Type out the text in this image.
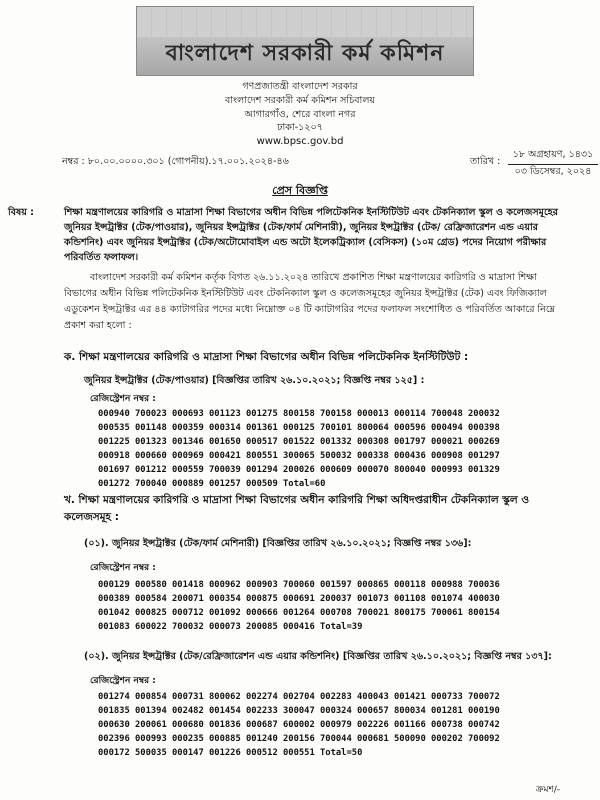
বাংলাদেশ সরকারী কর্ম কমিশন
গণপ্রজাতন্ত্রী বাংলাদেশ সরকার
বাংলাদেশ সরকারী কর্ম কমিশন সচিবালয়
আগারগাঁও, শেরে বাংলা নগর
ঢাকা-১২০৭
www.bpsc.gov.bd
নম্বর : ৮০.০০.০০০০.৩০১ (গোপনীয়).১৭.০০১.২০২৪-৪৬	তারিখ :
১৮ অগ্রহায়ণ, ১৪৩১
০৩ ডিসেম্বর, ২০২৪
প্রেস বিজ্ঞপ্তি
বিষয় :	শিক্ষা মন্ত্রণালয়ের কারিগরি ও মাদ্রাসা শিক্ষা বিভাগের অধীন বিভিন্ন পলিটেকনিক ইনস্টিটিউট এবং টেকনিক্যাল স্কুল ও কলেজসমূহের জুনিয়র ইন্সট্রাক্টর (টেক/পাওয়ার), জুনিয়র ইন্সট্রাক্টর (টেক/ফার্ম মেশিনারী), জুনিয়র ইন্সট্রাক্টর (টেক/ রেফ্রিজারেশন এন্ড এয়ার কন্ডিশনিং) এবং জুনিয়র ইন্সট্রাক্টর (টেক/অটোমোবাইল এন্ড অটো ইলেকট্রিক্যাল (বেসিকস) (১০ম গ্রেড) পদের নিয়োগ পরীক্ষার পরিবর্তিত ফলাফল।
বাংলাদেশ সরকারী কর্ম কমিশন কর্তৃক বিগত ২৬.১১.২০২৪ তারিখে প্রকাশিত শিক্ষা মন্ত্রণালয়ের কারিগরি ও মাদ্রাসা শিক্ষা বিভাগের অধীন বিভিন্ন পলিটেকনিক ইনস্টিটিউট এবং টেকনিক্যাল স্কুল ও কলেজসমূহের জুনিয়র ইন্সট্রাক্টর (টেক) এবং ফিজিক্যাল এডুকেশন ইন্সট্রাক্টর এর ৪৪ ক্যাটাগরির পদের মধ্যে নিম্নোক্ত ০৪ টি ক্যাটাগরির পদের ফলাফল সংশোধিত ও পরিবর্তিত আকারে নিম্নে প্রকাশ করা হলো :
ক. শিক্ষা মন্ত্রণালয়ের কারিগরি ও মাদ্রাসা শিক্ষা বিভাগের অধীন বিভিন্ন পলিটেকনিক ইনস্টিটিউট :
জুনিয়র ইন্সট্রাক্টর (টেক/পাওয়ার) [বিজ্ঞপ্তির তারিখ ২৬.১০.২০২১; বিজ্ঞপ্তি নম্বর ১২৫] :
রেজিস্ট্রেশন নম্বর :
000940 700023 000693 001123 001275 800158 700158 000013 000114 700048 200032
000535 001148 000359 000314 001361 000125 700101 800064 000596 000494 000398
001225 001323 001346 001650 000517 001522 001332 000308 001797 000021 000269
000918 000660 000969 000421 800551 300065 500032 000338 000436 000908 001297
001697 001212 000559 700039 001294 200026 000609 000070 800040 000993 001329
001272 700040 000889 001257 000509 Total=60
খ. শিক্ষা মন্ত্রণালয়ের কারিগরি ও মাদ্রাসা শিক্ষা বিভাগের অধীন কারিগরি শিক্ষা অধিদপ্তরাধীন টেকনিক্যাল স্কুল ও কলেজসমূহ :
(০১). জুনিয়র ইন্সট্রাক্টর (টেক/ফার্ম মেশিনারী) [বিজ্ঞপ্তির তারিখ ২৬.১০.২০২১; বিজ্ঞপ্তি নম্বর ১৩৬]:
রেজিস্ট্রেশন নম্বর :
000129 000580 001418 000962 000903 700060 001597 000865 000118 000988 700036
000389 000584 200071 000354 000875 000691 200037 001073 001108 001074 400030
001042 000825 000712 001092 000666 001264 000708 700021 800175 700061 800154
001083 600022 700032 000073 200085 000416 Total=39
(০২). জুনিয়র ইন্সট্রাক্টর (টেক/রেফ্রিজারেশন এন্ড এয়ার কন্ডিশনিং) [বিজ্ঞপ্তির তারিখ ২৬.১০.২০২১; বিজ্ঞপ্তি নম্বর ১৩৭]:
রেজিস্ট্রেশন নম্বর :
001274 000854 000731 800062 002274 002704 002283 400043 001421 000733 700072
001835 001394 002482 001454 002233 300047 000324 000657 800034 001281 000190
000630 200061 000680 001836 000687 600002 000979 002226 001166 000738 000742
002396 000993 000235 000885 001240 200156 700044 000681 500090 000202 700092
000172 500035 000147 001226 000512 000551 Total=50
ক্রমশ/-
